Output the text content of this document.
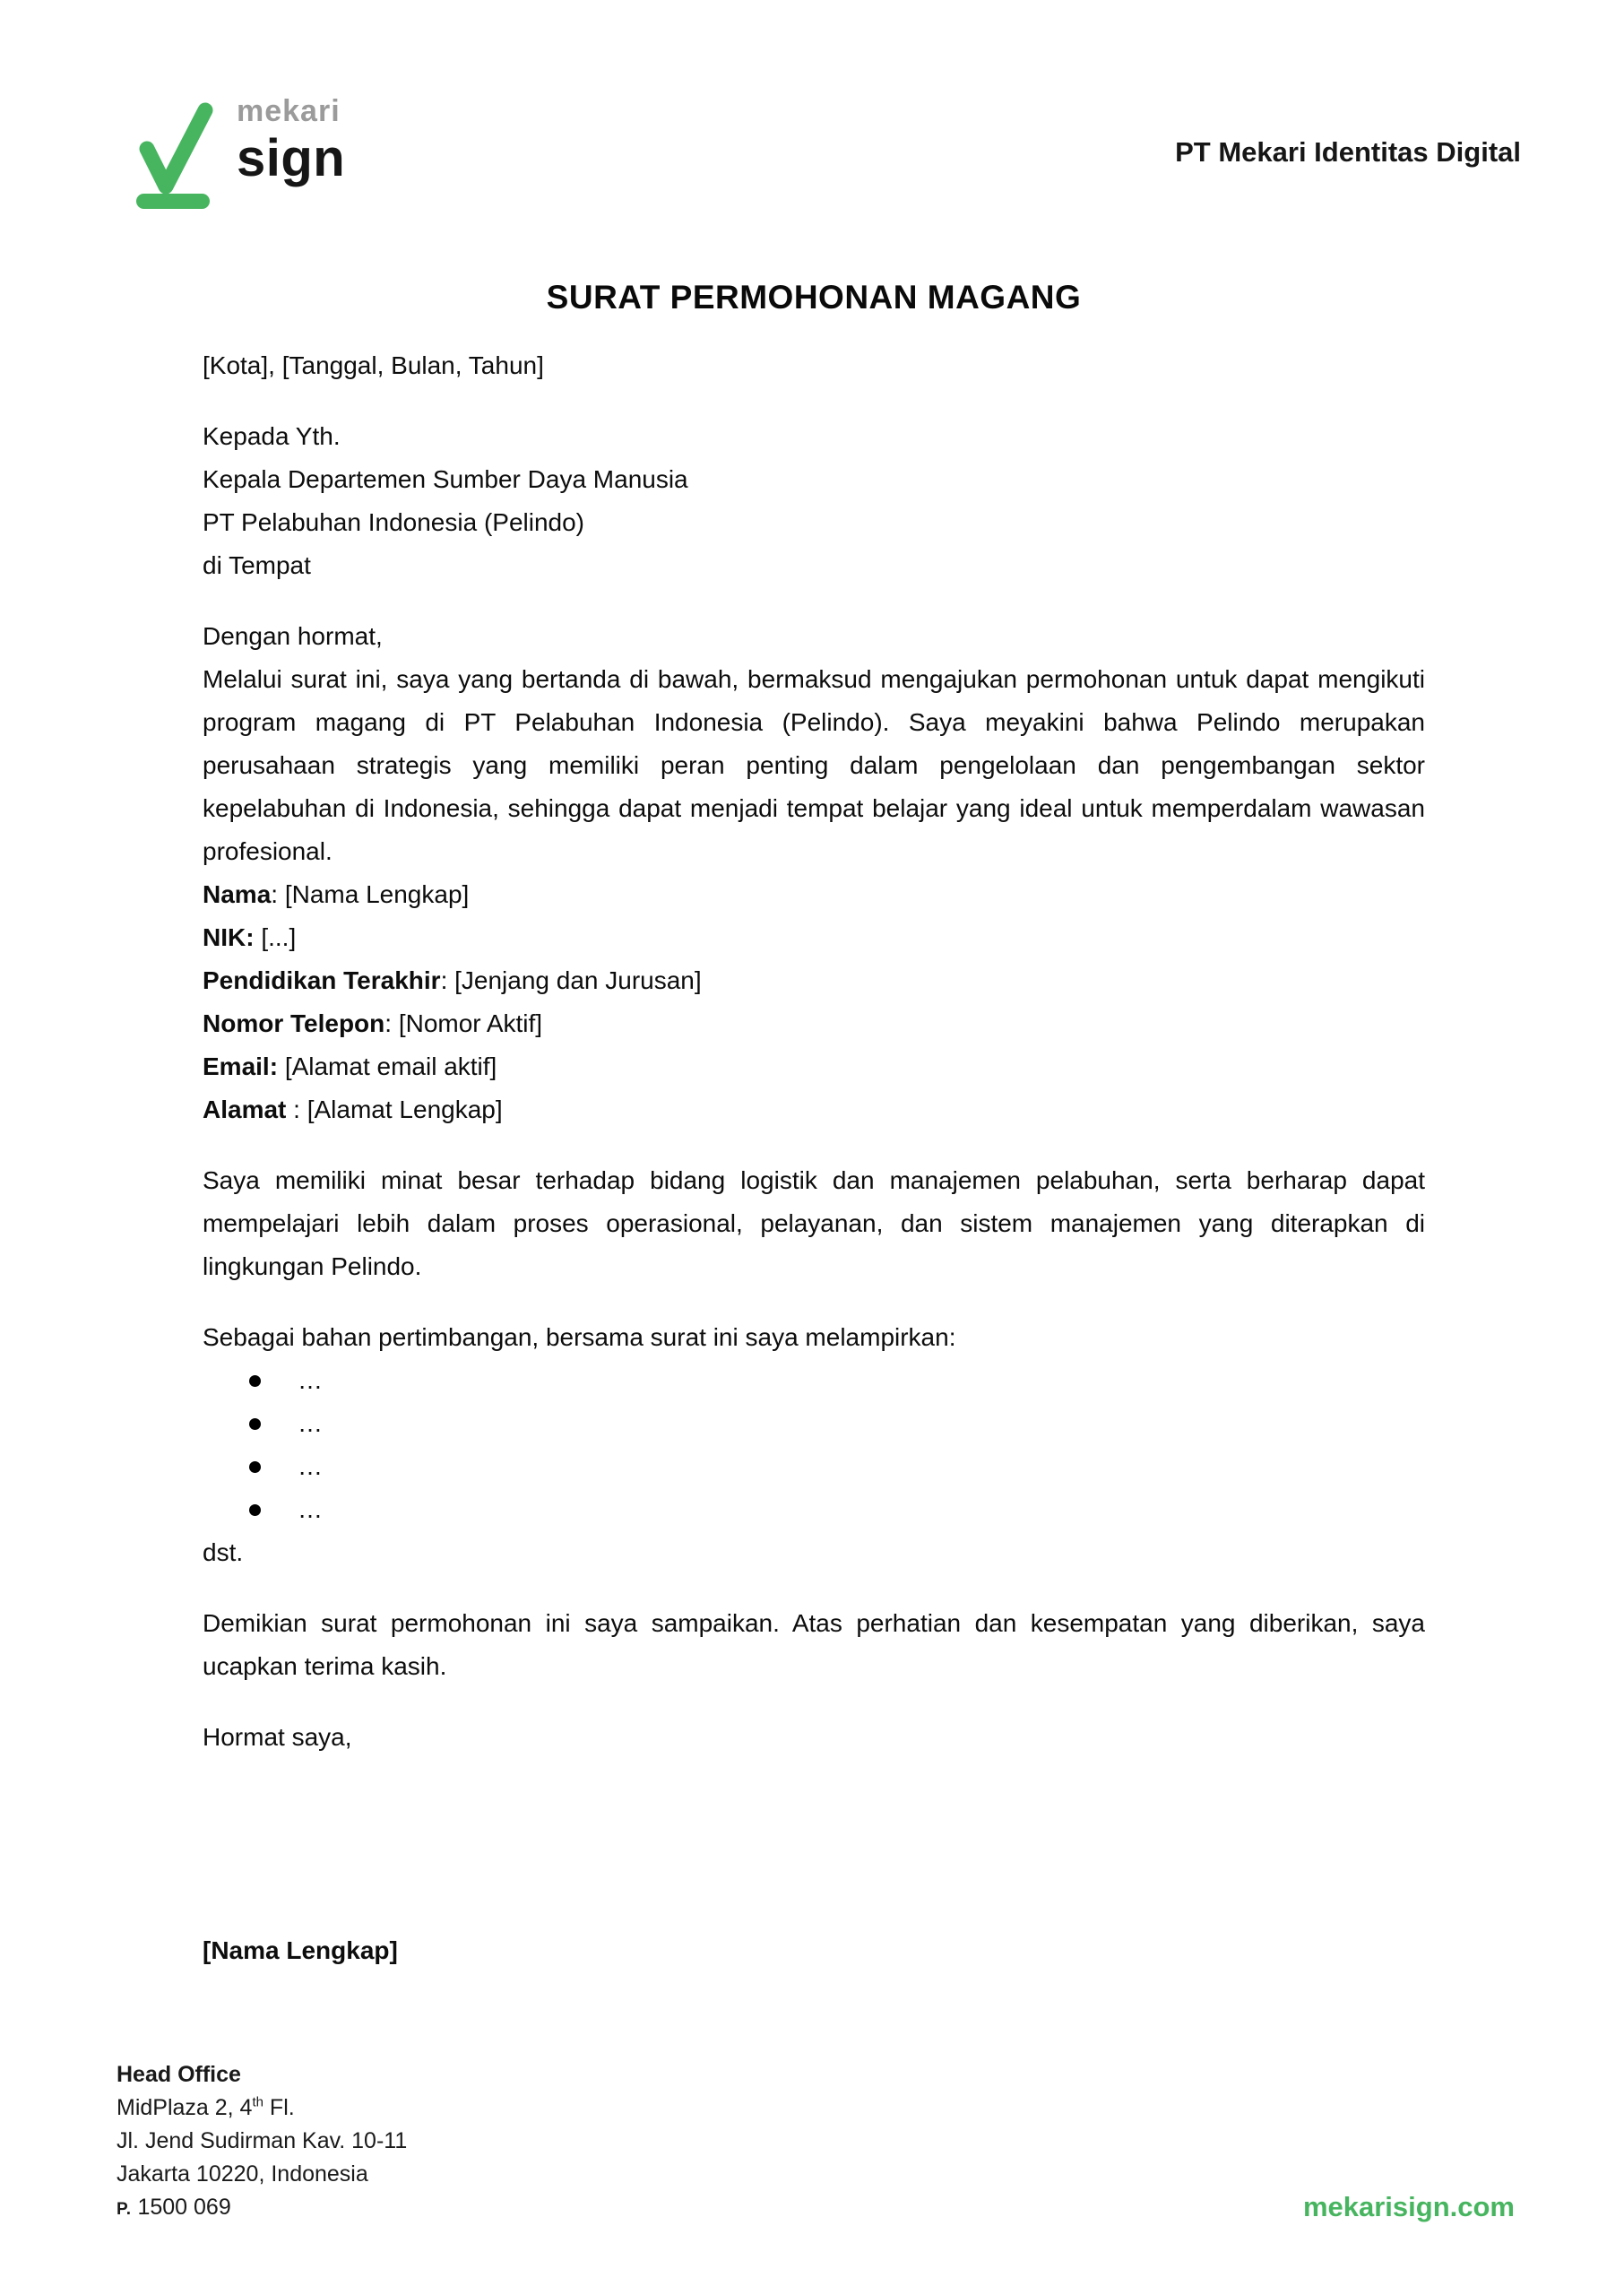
mekari
sign	PT Mekari Identitas Digital
SURAT PERMOHONAN MAGANG
[Kota], [Tanggal, Bulan, Tahun]
Kepada Yth.
Kepala Departemen Sumber Daya Manusia
PT Pelabuhan Indonesia (Pelindo)
di Tempat
Dengan hormat,

Melalui surat ini, saya yang bertanda di bawah, bermaksud mengajukan permohonan untuk dapat mengikuti program magang di PT Pelabuhan Indonesia (Pelindo). Saya meyakini bahwa Pelindo merupakan perusahaan strategis yang memiliki peran penting dalam pengelolaan dan pengembangan sektor kepelabuhan di Indonesia, sehingga dapat menjadi tempat belajar yang ideal untuk memperdalam wawasan profesional.

Nama: [Nama Lengkap]
NIK: [...]
Pendidikan Terakhir: [Jenjang dan Jurusan]
Nomor Telepon: [Nomor Aktif]
Email: [Alamat email aktif]
Alamat : [Alamat Lengkap]

Saya memiliki minat besar terhadap bidang logistik dan manajemen pelabuhan, serta berharap dapat mempelajari lebih dalam proses operasional, pelayanan, dan sistem manajemen yang diterapkan di lingkungan Pelindo.

Sebagai bahan pertimbangan, bersama surat ini saya melampirkan:
…
…
…
…
dst.

Demikian surat permohonan ini saya sampaikan. Atas perhatian dan kesempatan yang diberikan, saya ucapkan terima kasih.

Hormat saya,
[Nama Lengkap]
Head Office
MidPlaza 2, 4th Fl.
Jl. Jend Sudirman Kav. 10-11
Jakarta 10220, Indonesia
P. 1500 069	mekarisign.com
